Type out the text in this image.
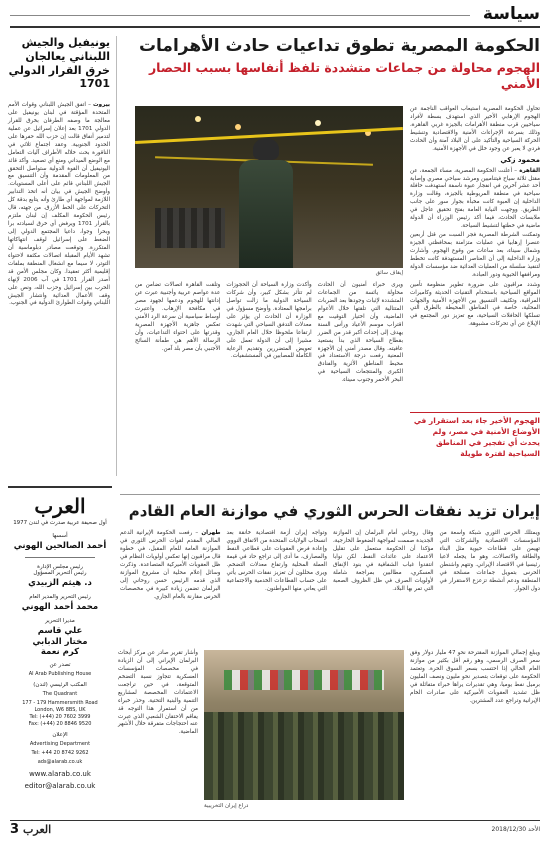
سياسة
الحكومة المصرية تطوق تداعيات حادث الأهرامات
الهجوم محاولة من جماعات متشددة تلفظ أنفاسها بسبب الحصار الأمني

تحاول الحكومة المصرية استيعاب العواقب الناجمة عن الهجوم الإرهابي الأخير الذي استهدف بسطة لأفراد سياحيين قرب منطقة الأهرامات بالجيزة غربي القاهرة، وذلك بسرعة الإجراءات الأمنية والاقتصادية وتنشيط الحركة السياحية والتأكيد على أن البلاد آمنة وأن الحادث فردي لا يعبر عن وجود خلل في الأجهزة الأمنية.

محمود زكي

القاهرة – أعلنت الحكومة المصرية، مساء الجمعة، عن مقتل ثلاثة سياح فيتناميين ومرشد سياحي مصري وإصابة أحد عشر آخرين في انفجار عبوة ناسفة استهدفت حافلة سياحية في منطقة المريوطية بالجيزة، وقالت وزارة الداخلية إن العبوة كانت مخبأة بجوار سور على جانب الطريق. ووجهت النيابة العامة بفتح تحقيق عاجل في ملابسات الحادث، فيما أكد رئيس الوزراء أن الدولة ماضية في خطتها لتنشيط السياحة.

وتمكنت الشرطة المصرية فجر السبت من قتل أربعين عنصرا إرهابيا في عمليات متزامنة بمحافظتي الجيزة وشمال سيناء، بعد ساعات من وقوع الهجوم. وأشارت وزارة الداخلية إلى أن العناصر المستهدفة كانت تخطط لتنفيذ سلسلة من العمليات العدائية ضد مؤسسات الدولة ومرافقها الحيوية ودور العبادة.

وشدد مراقبون على ضرورة تطوير منظومة تأمين المواقع السياحية باستخدام التقنيات الحديثة وكاميرات المراقبة، وتكثيف التنسيق بين الأجهزة الأمنية والجهات المحلية، خاصة في المناطق المحيطة بالطرق التي تسلكها الحافلات السياحية، مع تعزيز دور المجتمع في الإبلاغ عن أي تحركات مشبوهة.

إيقاف سائق
ويرى خبراء أمنيون أن الحادث محاولة يائسة من الجماعات المتشددة لإثبات وجودها بعد الضربات المتتالية التي تلقتها خلال الأعوام الماضية، وأن اختيار التوقيت مع اقتراب موسم الأعياد ورأس السنة يهدف إلى إحداث أكبر قدر من الضرر بقطاع السياحة الذي بدأ يستعيد عافيته. وقال مصدر أمني إن الأجهزة المعنية رفعت درجة الاستعداد في محيط المناطق الأثرية والفنادق الكبرى والمنتجعات السياحية في البحر الأحمر وجنوب سيناء.
وأكدت وزارة السياحة أن الحجوزات لم تتأثر بشكل كبير، وأن شركات السياحة الدولية ما زالت تواصل برامجها المعتادة. وأوضح مسؤول في الوزارة أن الحادث لن يؤثر على معدلات التدفق السياحي التي شهدت ارتفاعا ملحوظا خلال العام الجاري، مشيرا إلى أن الدولة تعمل على تعويض المتضررين وتقديم الرعاية الكاملة للمصابين في المستشفيات.
وتلقت القاهرة اتصالات تضامن من عدة عواصم عربية وأجنبية عبرت عن إدانتها للهجوم ودعمها لجهود مصر في مكافحة الإرهاب. واعتبرت أوساط سياسية أن سرعة الرد الأمني تعكس جاهزية الأجهزة المصرية وقدرتها على احتواء التداعيات، وأن الرسالة الأهم هي طمأنة السائح الأجنبي بأن مصر بلد آمن.
الهجوم الأخير جاء بعد استقرار في الأوضاع الأمنية في مصر، ولم يحدث أي تفجير في المناطق السياحية لفترة طويلة
يونيفيل والجيش اللبناني يعالجان خرق القرار الدولي 1701

بيروت – اتفق الجيش اللبناني وقوات الأمم المتحدة المؤقتة في لبنان يونيفيل على معالجة ما وصفه الطرفان بخرق للقرار الدولي 1701 بعد إعلان إسرائيل عن عملية لتدمير أنفاق قالت إن حزب الله حفرها على الحدود الجنوبية. وعقد اجتماع ثلاثي في الناقورة بحث خلاله الأطراف آليات التعامل مع الوضع الميداني ومنع أي تصعيد. وأكد قائد اليونيفيل أن القوة الدولية ستواصل التحقق من المعلومات المقدمة وأن التنسيق مع الجيش اللبناني قائم على أعلى المستويات. وأوضح الجيش في بيان أنه اتخذ التدابير اللازمة لمواجهة أي طارئ وأنه يتابع بدقة كل التحركات على الخط الأزرق. من جهته، قال رئيس الحكومة المكلف إن لبنان ملتزم بالقرار 1701 ويرفض أي خرق لسيادته برا وبحرا وجوا، داعيا المجتمع الدولي إلى الضغط على إسرائيل لوقف انتهاكاتها المتكررة. وتوقعت مصادر دبلوماسية أن تشهد الأيام المقبلة اتصالات مكثفة لاحتواء التوتر، لا سيما مع انشغال المنطقة بملفات إقليمية أكثر تعقيدا. وكان مجلس الأمن قد أصدر القرار 1701 في آب 2006 لإنهاء الحرب بين إسرائيل وحزب الله، ونص على وقف الأعمال العدائية وانتشار الجيش اللبناني وقوات الطوارئ الدولية في الجنوب.

العرب
أول صحيفة عربية صدرت في لندن 1977
أسسها
أحمد الصالحين الهوني
رئيس مجلس الإدارة
رئيس التحرير المسؤول
د. هيثم الزبيدي
رئيس التحرير والمدير العام
محمد أحمد الهوني
مديرا التحرير
علي قاسم
مختار الدبابي
كرم نعمة
تصدر عن
Al Arab Publishing House
المكتب الرئيسي (لندن)
The Quadrant
177 - 179 Hammersmith Road
London, W6 8BS, UK
Tel: (+44) 20 7602 3999
Fax: (+44) 20 8846 9520
الإعلان
Advertising Department
Tel: +44 20 8742 9262
ads@alarab.co.uk
www.alarab.co.uk
editor@alarab.co.uk
إيران تزيد نفقات الحرس الثوري في موازنة العام القادم
ويمتلك الحرس الثوري شبكة واسعة من المؤسسات الاقتصادية والشركات التي تهيمن على قطاعات حيوية مثل البناء والطاقة والاتصالات، وهو ما يجعله لاعبا رئيسيا في الاقتصاد الإيراني. وتتهم واشنطن الحرس بتمويل جماعات مسلحة في المنطقة ودعم أنشطة تزعزع الاستقرار في دول الجوار.
وقال روحاني أمام البرلمان إن الموازنة الجديدة صممت لمواجهة الضغوط الخارجية، مؤكدا أن الحكومة ستعمل على تقليل الاعتماد على عائدات النفط. لكن نوابا انتقدوا غياب الشفافية في بنود الإنفاق العسكري، مطالبين بمراجعة شاملة لأولويات الصرف في ظل الظروف الصعبة التي تمر بها البلاد.
وتواجه إيران أزمة اقتصادية خانقة بعد انسحاب الولايات المتحدة من الاتفاق النووي وإعادة فرض العقوبات على قطاعي النفط والمصارف، ما أدى إلى تراجع حاد في قيمة العملة المحلية وارتفاع معدلات التضخم. ويرى محللون أن تعزيز نفقات الحرس يأتي على حساب القطاعات الخدمية والاجتماعية التي يعاني منها المواطنون.
طهران – رفعت الحكومة الإيرانية الدعم المالي المقدم لقوات الحرس الثوري في الموازنة العامة للعام المقبل، في خطوة قال مراقبون إنها تعكس أولويات النظام في ظل العقوبات الأميركية المتصاعدة. وذكرت وسائل إعلام محلية أن مشروع الموازنة الذي قدمه الرئيس حسن روحاني إلى البرلمان تضمن زيادة كبيرة في مخصصات الحرس مقارنة بالعام الجاري.
ويبلغ إجمالي الموازنة المقترحة نحو 47 مليار دولار وفق سعر الصرف الرسمي، وهو رقم أقل بكثير من موازنة العام الحالي إذا احتسب بسعر السوق الحرة. وتعتمد الحكومة على توقعات بتصدير نحو مليون ونصف المليون برميل نفط يوميا، وهي تقديرات يراها خبراء متفائلة في ظل تشديد العقوبات الأميركية على صادرات الخام الإيرانية وتراجع عدد المشترين.
دراع إيران التخريبية
وأشار تقرير صادر عن مركز أبحاث البرلمان الإيراني إلى أن الزيادة في مخصصات المؤسسات العسكرية تتجاوز نسبة التضخم المتوقعة، في حين تراجعت الاعتمادات المخصصة لمشاريع التنمية والبنية التحتية. وحذر خبراء من أن استمرار هذا التوجه قد يفاقم الاحتقان الشعبي الذي عبرت عنه احتجاجات متفرقة خلال الأشهر الماضية.
الأحد 2018/12/30
3 العرب
